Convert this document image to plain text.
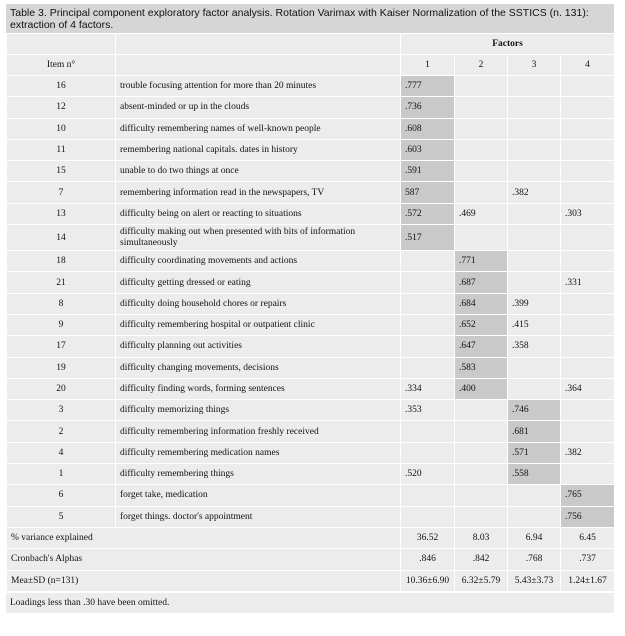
Table 3. Principal component exploratory factor analysis. Rotation Varimax with Kaiser Normalization of the SSTICS (n. 131): extraction of 4 factors.
		Factors			
Item n°		1	2	3	4
16	trouble focusing attention for more than 20 minutes	.777			
12	absent-minded or up in the clouds	.736			
10	difficulty remembering names of well-known people	.608			
11	remembering national capitals. dates in history	.603			
15	unable to do two things at once	.591			
7	remembering information read in the newspapers, TV	587		.382	
13	difficulty being on alert or reacting to situations	.572	.469		.303
14	difficulty making out when presented with bits of information simultaneously	.517			
18	difficulty coordinating movements and actions		.771		
21	difficulty getting dressed or eating		.687		.331
8	difficulty doing household chores or repairs		.684	.399	
9	difficulty remembering hospital or outpatient clinic		.652	.415	
17	difficulty planning out activities		.647	.358	
19	difficulty changing movements, decisions		.583		
20	difficulty finding words, forming sentences	.334	.400		.364
3	difficulty memorizing things	.353		.746	
2	difficulty remembering information freshly received			.681	
4	difficulty remembering medication names			.571	.382
1	difficulty remembering things	.520		.558	
6	forget take, medication				.765
5	forget things. doctor's appointment				.756
% variance explained		36.52	8.03	6.94	6.45
Cronbach's Alphas		.846	.842	.768	.737
Mea±SD (n=131)		10.36±6.90	6.32±5.79	5.43±3.73	1.24±1.67
Loadings less than .30 have been omitted.
